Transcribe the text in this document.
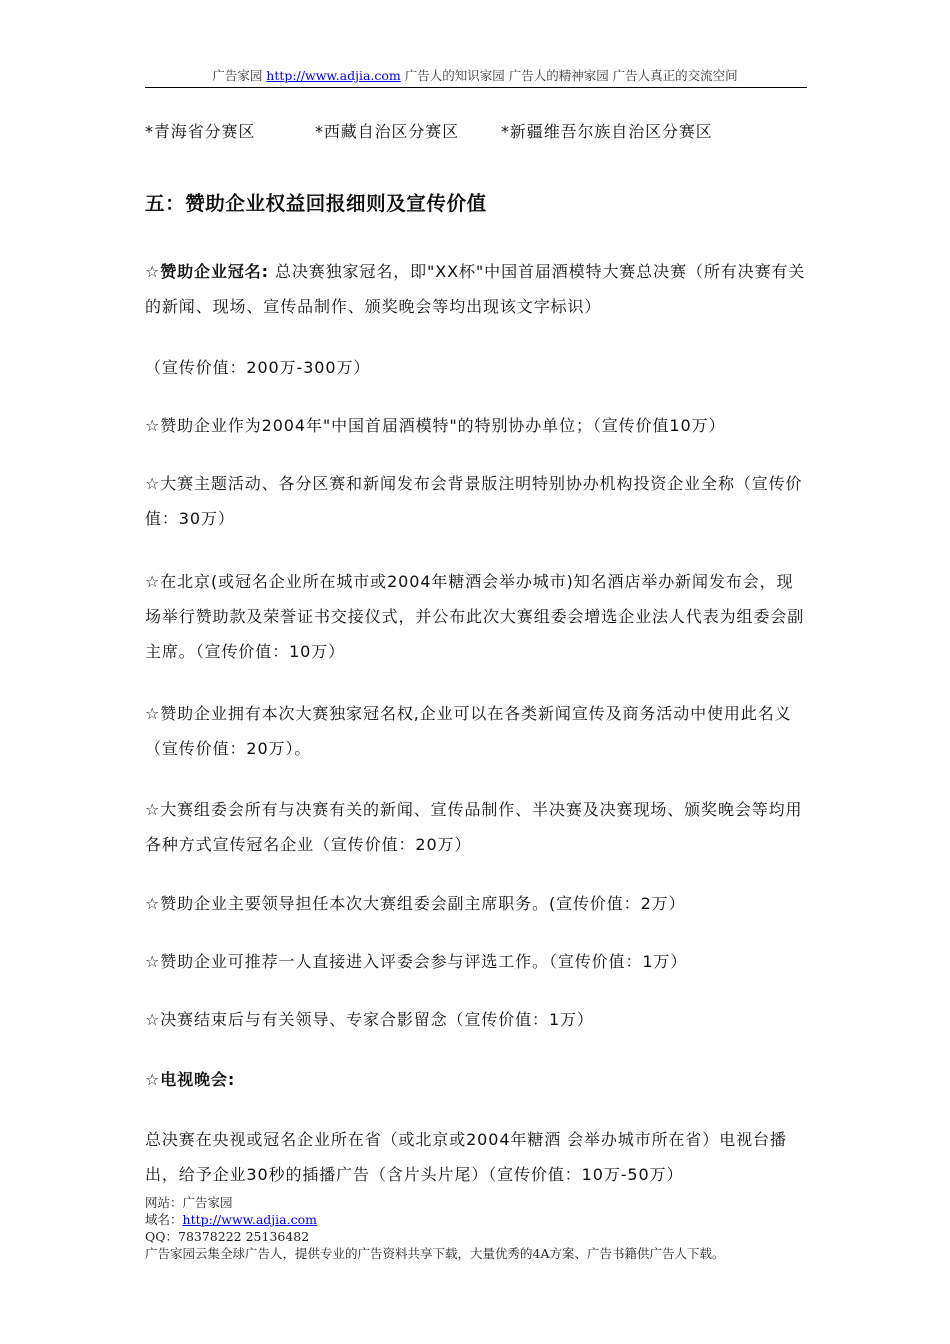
广告家园 http://www.adjia.com 广告人的知识家园 广告人的精神家园 广告人真正的交流空间

*青海省分赛区	*西藏自治区分赛区	*新疆维吾尔族自治区分赛区

五：赞助企业权益回报细则及宣传价值

☆赞助企业冠名: 总决赛独家冠名，即"XX杯"中国首届酒模特大赛总决赛（所有决赛有关的新闻、现场、宣传品制作、颁奖晚会等均出现该文字标识）

（宣传价值：200万-300万）

☆赞助企业作为2004年"中国首届酒模特"的特别协办单位；（宣传价值10万）

☆大赛主题活动、各分区赛和新闻发布会背景版注明特别协办机构投资企业全称（宣传价值：30万）

☆在北京(或冠名企业所在城市或2004年糖酒会举办城市)知名酒店举办新闻发布会，现场举行赞助款及荣誉证书交接仪式，并公布此次大赛组委会增选企业法人代表为组委会副主席。（宣传价值：10万）

☆赞助企业拥有本次大赛独家冠名权,企业可以在各类新闻宣传及商务活动中使用此名义（宣传价值：20万）。

☆大赛组委会所有与决赛有关的新闻、宣传品制作、半决赛及决赛现场、颁奖晚会等均用各种方式宣传冠名企业（宣传价值：20万）

☆赞助企业主要领导担任本次大赛组委会副主席职务。(宣传价值：2万）

☆赞助企业可推荐一人直接进入评委会参与评选工作。（宣传价值：1万）

☆决赛结束后与有关领导、专家合影留念（宣传价值：1万）

☆电视晚会:

总决赛在央视或冠名企业所在省（或北京或2004年糖酒 会举办城市所在省）电视台播出，给予企业30秒的插播广告（含片头片尾）（宣传价值：10万-50万）

网站：广告家园
域名：http://www.adjia.com
QQ：78378222 25136482
广告家园云集全球广告人，提供专业的广告资料共享下载，大量优秀的4A方案、广告书籍供广告人下载。
